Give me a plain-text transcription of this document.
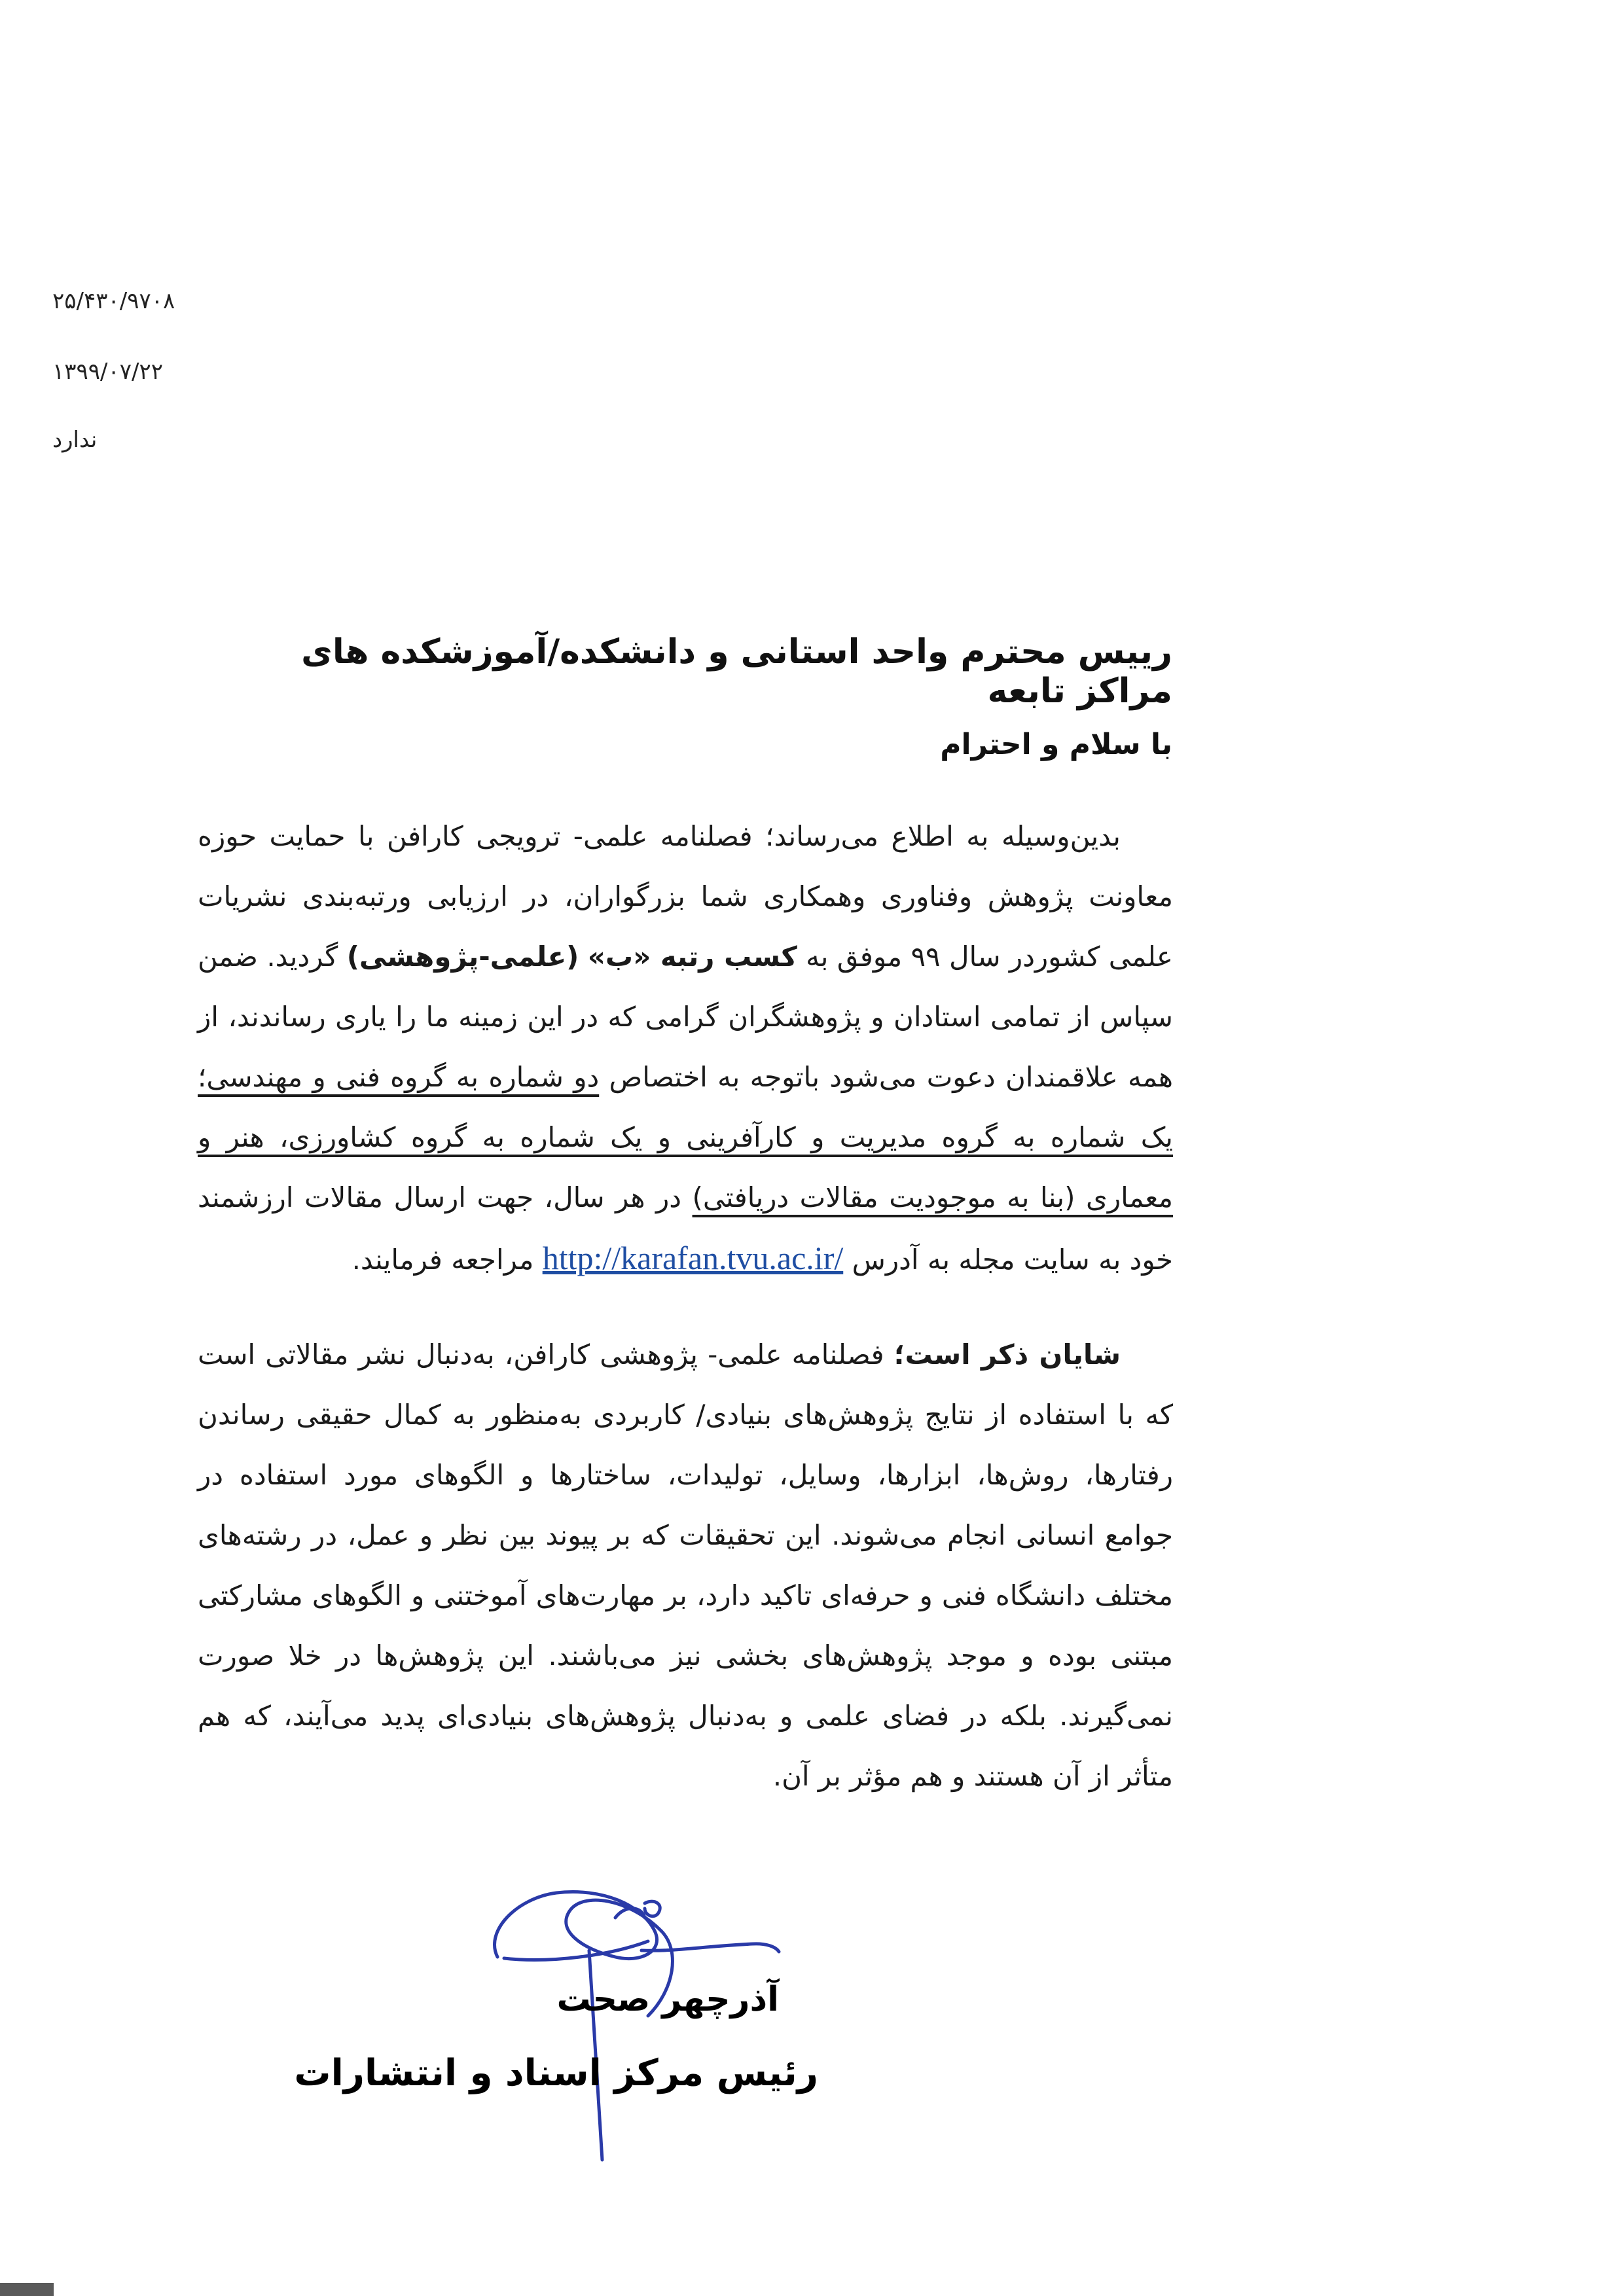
۲۵/۴۳۰/۹۷۰۸
۱۳۹۹/۰۷/۲۲
ندارد
رییس محترم واحد استانی و دانشکده/آموزشکده های مراکز تابعه
با سلام و احترام

بدین‌وسیله به اطلاع می‌رساند؛ فصلنامه علمی- ترویجی کارافن با حمایت حوزه معاونت پژوهش وفناوری وهمکاری شما بزرگواران، در ارزیابی ورتبه‌بندی نشریات علمی کشوردر سال ۹۹ موفق به کسب رتبه «ب» (علمی-پژوهشی) گردید. ضمن سپاس از تمامی استادان و پژوهشگران گرامی که در این زمینه ما را یاری رساندند، از همه علاقمندان دعوت می‌شود باتوجه به اختصاص دو شماره به گروه فنی و مهندسی؛ یک شماره به گروه مدیریت و کارآفرینی و یک شماره به گروه کشاورزی، هنر و معماری (بنا به موجودیت مقالات دریافتی) در هر سال، جهت ارسال مقالات ارزشمند خود به سایت مجله به آدرس http://karafan.tvu.ac.ir/ مراجعه فرمایند.

شایان ذکر است؛ فصلنامه علمی- پژوهشی کارافن، به‌دنبال نشر مقالاتی است که با استفاده از نتایج پژوهش‌های بنیادی/ کاربردی به‌منظور به کمال حقیقی رساندن رفتارها، روش‌ها، ابزارها، وسایل، تولیدات، ساختارها و الگوهای مورد استفاده در جوامع انسانی انجام می‌شوند. این تحقیقات که بر پیوند بین نظر و عمل، در رشته‌های مختلف دانشگاه فنی و حرفه‌ای تاکید دارد، بر مهارت‌های آموختنی و الگوهای مشارکتی مبتنی بوده و موجد پژوهش‌های بخشی نیز می‌باشند. این پژوهش‌ها در خلا صورت نمی‌گیرند. بلکه در فضای علمی و به‌دنبال پژوهش‌های بنیادی‌ای پدید می‌آیند، که هم متأثر از آن هستند و هم مؤثر بر آن.

آذرچهر صحت
رئیس مرکز اسناد و انتشارات
